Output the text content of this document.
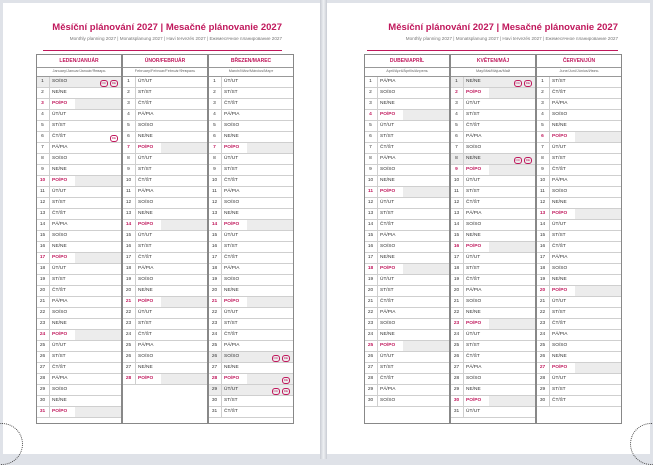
Měsíční plánování 2027 | Mesačné plánovanie 2027
Monthly planning 2027 | Monatsplanung 2027 | Havi tervezés 2027 | Ежемесячное планирование 2027
LEDEN/JANUÁR
January/Januar/Január/Январь
1	SO/SO	OC	DE
2	NE/NE
3	PO/PO
4	ÚT/UT
5	ST/ST
6	ČT/ŠT	DE
7	PÁ/PIA
8	SO/SO
9	NE/NE
10	PO/PO
11	ÚT/UT
12	ST/ST
13	ČT/ŠT
14	PÁ/PIA
15	SO/SO
16	NE/NE
17	PO/PO
18	ÚT/UT
19	ST/ST
20	ČT/ŠT
21	PÁ/PIA
22	SO/SO
23	NE/NE
24	PO/PO
25	ÚT/UT
26	ST/ST
27	ČT/ŠT
28	PÁ/PIA
29	SO/SO
30	NE/NE
31	PO/PO
ÚNOR/FEBRUÁR
February/Februar/Február/Февраль
1	ÚT/UT
2	ST/ST
3	ČT/ŠT
4	PÁ/PIA
5	SO/SO
6	NE/NE
7	PO/PO
8	ÚT/UT
9	ST/ST
10	ČT/ŠT
11	PÁ/PIA
12	SO/SO
13	NE/NE
14	PO/PO
15	ÚT/UT
16	ST/ST
17	ČT/ŠT
18	PÁ/PIA
19	SO/SO
20	NE/NE
21	PO/PO
22	ÚT/UT
23	ST/ST
24	ČT/ŠT
25	PÁ/PIA
26	SO/SO
27	NE/NE
28	PO/PO
BŘEZEN/MAREC
March/März/Március/Март
1	ÚT/UT
2	ST/ST
3	ČT/ŠT
4	PÁ/PIA
5	SO/SO
6	NE/NE
7	PO/PO
8	ÚT/UT
9	ST/ST
10	ČT/ŠT
11	PÁ/PIA
12	SO/SO
13	NE/NE
14	PO/PO
15	ÚT/UT
16	ST/ST
17	ČT/ŠT
18	PÁ/PIA
19	SO/SO
20	NE/NE
21	PO/PO
22	ÚT/UT
23	ST/ST
24	ČT/ŠT
25	PÁ/PIA
26	SO/SO	OC	DE
27	NE/NE
28	PO/PO	DE
29	ÚT/UT	OC	DE
30	ST/ST
31	ČT/ŠT
Měsíční plánování 2027 | Mesačné plánovanie 2027
Monthly planning 2027 | Monatsplanung 2027 | Havi tervezés 2027 | Ежемесячное планирование 2027
DUBEN/APRÍL
April/April/Április/Апрель
1	PÁ/PIA
2	SO/SO
3	NE/NE
4	PO/PO
5	ÚT/UT
6	ST/ST
7	ČT/ŠT
8	PÁ/PIA
9	SO/SO
10	NE/NE
11	PO/PO
12	ÚT/UT
13	ST/ST
14	ČT/ŠT
15	PÁ/PIA
16	SO/SO
17	NE/NE
18	PO/PO
19	ÚT/UT
20	ST/ST
21	ČT/ŠT
22	PÁ/PIA
23	SO/SO
24	NE/NE
25	PO/PO
26	ÚT/UT
27	ST/ST
28	ČT/ŠT
29	PÁ/PIA
30	SO/SO
KVĚTEN/MÁJ
May/Mai/Május/Май
1	NE/NE	OC	DE
2	PO/PO
3	ÚT/UT
4	ST/ST
5	ČT/ŠT
6	PÁ/PIA
7	SO/SO
8	NE/NE	OC	DE
9	PO/PO
10	ÚT/UT
11	ST/ST
12	ČT/ŠT
13	PÁ/PIA
14	SO/SO
15	NE/NE
16	PO/PO
17	ÚT/UT
18	ST/ST
19	ČT/ŠT
20	PÁ/PIA
21	SO/SO
22	NE/NE
23	PO/PO
24	ÚT/UT
25	ST/ST
26	ČT/ŠT
27	PÁ/PIA
28	SO/SO
29	NE/NE
30	PO/PO
31	ÚT/UT
ČERVEN/JÚN
June/Juni/Június/Июнь
1	ST/ST
2	ČT/ŠT
3	PÁ/PIA
4	SO/SO
5	NE/NE
6	PO/PO
7	ÚT/UT
8	ST/ST
9	ČT/ŠT
10	PÁ/PIA
11	SO/SO
12	NE/NE
13	PO/PO
14	ÚT/UT
15	ST/ST
16	ČT/ŠT
17	PÁ/PIA
18	SO/SO
19	NE/NE
20	PO/PO
21	ÚT/UT
22	ST/ST
23	ČT/ŠT
24	PÁ/PIA
25	SO/SO
26	NE/NE
27	PO/PO
28	ÚT/UT
29	ST/ST
30	ČT/ŠT
